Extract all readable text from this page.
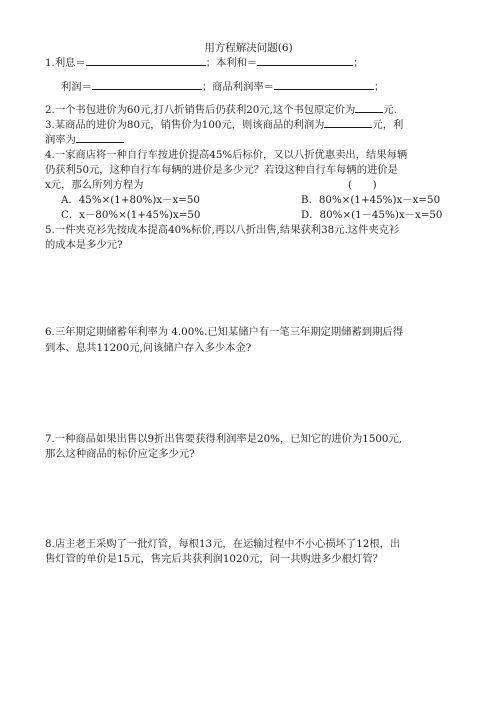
用方程解决问题(6)
1.利息＝	；本利和＝	；
利润＝	；商品利润率＝	；
2.一个书包进价为60元,打八折销售后仍获利20元,这个书包原定价为	元.
3.某商品的进价为80元，销售价为100元，则该商品的利润为	元，利
润率为
4.一家商店将一种自行车按进价提高45%后标价，又以八折优惠卖出，结果每辆
仍获利50元，这种自行车每辆的进价是多少元？若设这种自行车每辆的进价是
x元，那么所列方程为	(　　)
A．45%×(1+80%)x－x=50	B．80%×(1+45%)x－x=50
C．x－80%×(1+45%)x=50	D．80%×(1－45%)x－x=50
5.一件夹克衫先按成本提高40%标价,再以八折出售,结果获利38元.这件夹克衫
的成本是多少元?
6.三年期定期储蓄年利率为 4.00%.已知某储户有一笔三年期定期储蓄到期后得
到本、息共11200元,问该储户存入多少本金?
7.一种商品如果出售以9折出售要获得利润率是20%，已知它的进价为1500元,
那么这种商品的标价应定多少元?
8.店主老王采购了一批灯管，每根13元，在运输过程中不小心损坏了12根，出
售灯管的单价是15元，售完后共获利润1020元，问一共购进多少根灯管？
